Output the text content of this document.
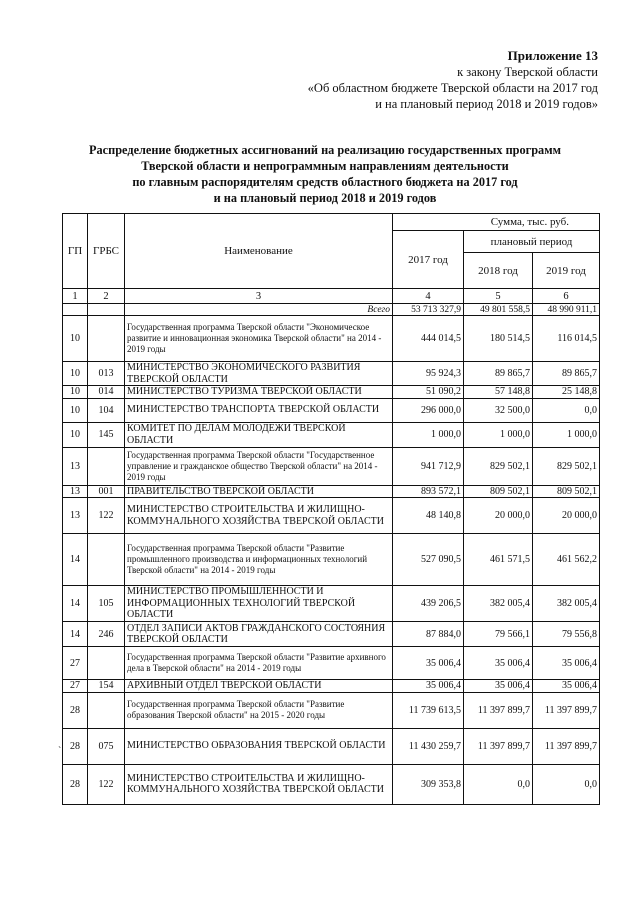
Приложение 13
к закону Тверской области
«Об областном бюджете Тверской области на 2017 год
и на плановый период 2018 и 2019 годов»
Распределение бюджетных ассигнований на реализацию государственных программ
Тверской области и непрограммным направлениям деятельности
по главным распорядителям средств областного бюджета на 2017 год
и на плановый период 2018 и 2019 годов
ГП	ГРБС	Наименование	Сумма, тыс. руб.		
			2017 год	плановый период	
				2018 год	2019 год
1	2	3	4	5	6
		Всего	53 713 327,9	49 801 558,5	48 990 911,1
10		Государственная программа Тверской области "Экономическое развитие и инновационная экономика Тверской области" на 2014 - 2019 годы	444 014,5	180 514,5	116 014,5
10	013	МИНИСТЕРСТВО ЭКОНОМИЧЕСКОГО РАЗВИТИЯ ТВЕРСКОЙ ОБЛАСТИ	95 924,3	89 865,7	89 865,7
10	014	МИНИСТЕРСТВО ТУРИЗМА ТВЕРСКОЙ ОБЛАСТИ	51 090,2	57 148,8	25 148,8
10	104	МИНИСТЕРСТВО ТРАНСПОРТА ТВЕРСКОЙ ОБЛАСТИ	296 000,0	32 500,0	0,0
10	145	КОМИТЕТ ПО ДЕЛАМ МОЛОДЕЖИ ТВЕРСКОЙ ОБЛАСТИ	1 000,0	1 000,0	1 000,0
13		Государственная программа Тверской области "Государственное управление и гражданское общество Тверской области" на 2014 - 2019 годы	941 712,9	829 502,1	829 502,1
13	001	ПРАВИТЕЛЬСТВО ТВЕРСКОЙ ОБЛАСТИ	893 572,1	809 502,1	809 502,1
13	122	МИНИСТЕРСТВО СТРОИТЕЛЬСТВА И ЖИЛИЩНО-КОММУНАЛЬНОГО ХОЗЯЙСТВА ТВЕРСКОЙ ОБЛАСТИ	48 140,8	20 000,0	20 000,0
14		Государственная программа Тверской области "Развитие промышленного производства и информационных технологий Тверской области" на 2014 - 2019 годы	527 090,5	461 571,5	461 562,2
14	105	МИНИСТЕРСТВО ПРОМЫШЛЕННОСТИ И ИНФОРМАЦИОННЫХ ТЕХНОЛОГИЙ ТВЕРСКОЙ ОБЛАСТИ	439 206,5	382 005,4	382 005,4
14	246	ОТДЕЛ ЗАПИСИ АКТОВ ГРАЖДАНСКОГО СОСТОЯНИЯ ТВЕРСКОЙ ОБЛАСТИ	87 884,0	79 566,1	79 556,8
27		Государственная программа Тверской области "Развитие архивного дела в Тверской области" на 2014 - 2019 годы	35 006,4	35 006,4	35 006,4
27	154	АРХИВНЫЙ ОТДЕЛ ТВЕРСКОЙ ОБЛАСТИ	35 006,4	35 006,4	35 006,4
28		Государственная программа Тверской области "Развитие образования Тверской области" на 2015 - 2020 годы	11 739 613,5	11 397 899,7	11 397 899,7
28	075	МИНИСТЕРСТВО ОБРАЗОВАНИЯ ТВЕРСКОЙ ОБЛАСТИ	11 430 259,7	11 397 899,7	11 397 899,7
28	122	МИНИСТЕРСТВО СТРОИТЕЛЬСТВА И ЖИЛИЩНО-КОММУНАЛЬНОГО ХОЗЯЙСТВА ТВЕРСКОЙ ОБЛАСТИ	309 353,8	0,0	0,0
`
